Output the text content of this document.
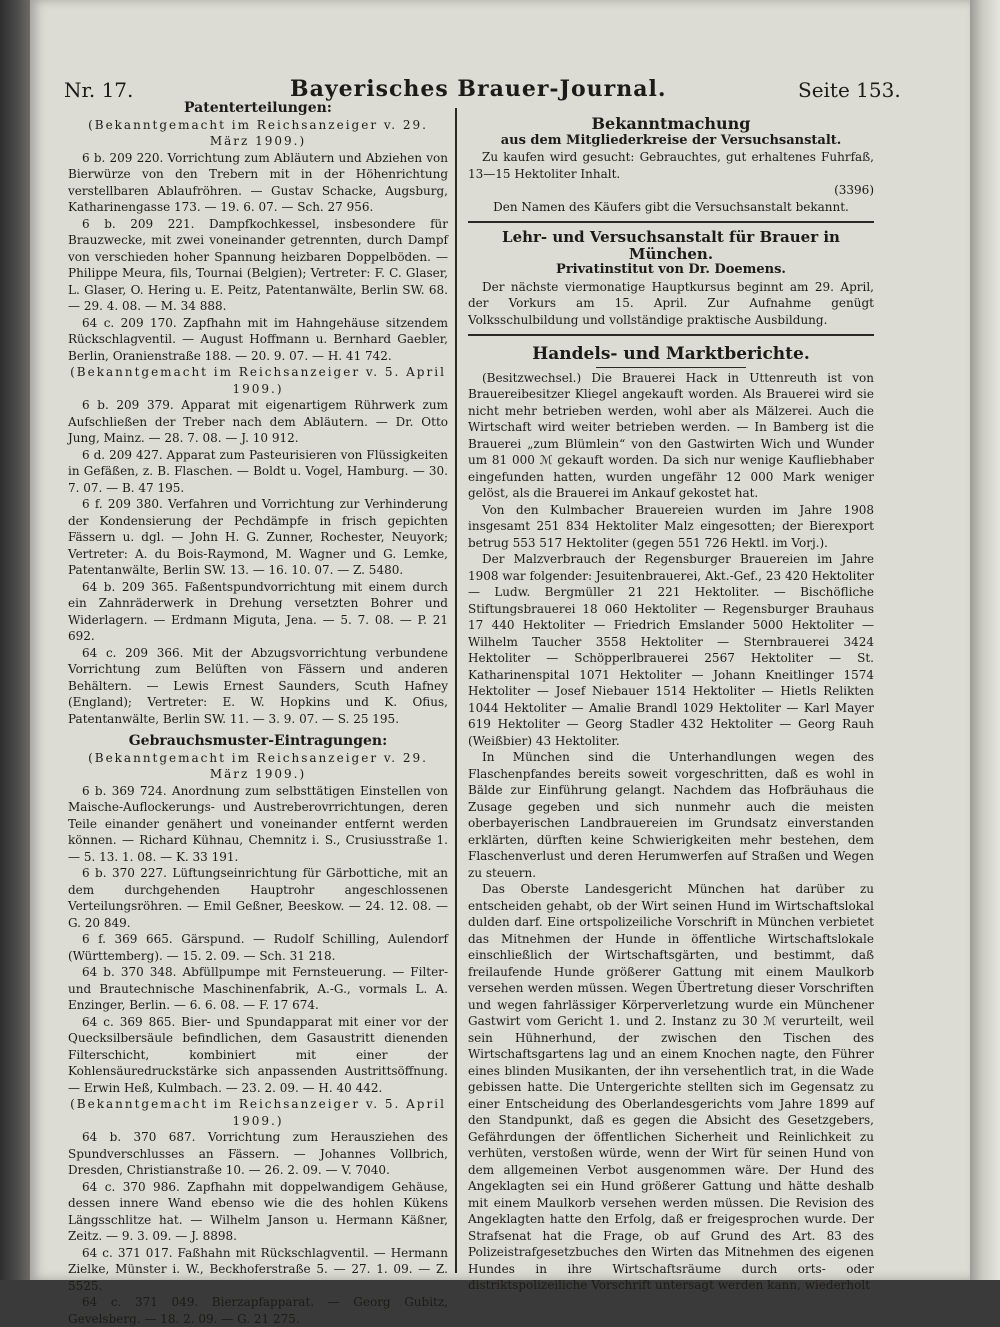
Nr. 17.	Bayerisches Brauer-Journal.	Seite 153.

Patenterteilungen:

(Bekanntgemacht im Reichsanzeiger v. 29. März 1909.)

6 b. 209 220. Vorrichtung zum Abläutern und Abziehen von Bierwürze von den Trebern mit in der Höhenrichtung verstellbaren Ablaufröhren. — Gustav Schacke, Augsburg, Katharinengasse 173. — 19. 6. 07. — Sch. 27 956.

6 b. 209 221. Dampfkochkessel, insbesondere für Brauzwecke, mit zwei voneinander getrennten, durch Dampf von verschieden hoher Spannung heizbaren Doppelböden. — Philippe Meura, fils, Tournai (Belgien); Vertreter: F. C. Glaser, L. Glaser, O. Hering u. E. Peitz, Patentanwälte, Berlin SW. 68. — 29. 4. 08. — M. 34 888.

64 c. 209 170. Zapfhahn mit im Hahngehäuse sitzendem Rückschlagventil. — August Hoffmann u. Bernhard Gaebler, Berlin, Oranienstraße 188. — 20. 9. 07. — H. 41 742.

(Bekanntgemacht im Reichsanzeiger v. 5. April 1909.)

6 b. 209 379. Apparat mit eigenartigem Rührwerk zum Aufschließen der Treber nach dem Abläutern. — Dr. Otto Jung, Mainz. — 28. 7. 08. — J. 10 912.

6 d. 209 427. Apparat zum Pasteurisieren von Flüssigkeiten in Gefäßen, z. B. Flaschen. — Boldt u. Vogel, Hamburg. — 30. 7. 07. — B. 47 195.

6 f. 209 380. Verfahren und Vorrichtung zur Verhinderung der Kondensierung der Pechdämpfe in frisch gepichten Fässern u. dgl. — John H. G. Zunner, Rochester, Neuyork; Vertreter: A. du Bois-Raymond, M. Wagner und G. Lemke, Patentanwälte, Berlin SW. 13. — 16. 10. 07. — Z. 5480.

64 b. 209 365. Faßentspundvorrichtung mit einem durch ein Zahnräderwerk in Drehung versetzten Bohrer und Widerlagern. — Erdmann Miguta, Jena. — 5. 7. 08. — P. 21 692.

64 c. 209 366. Mit der Abzugsvorrichtung verbundene Vorrichtung zum Belüften von Fässern und anderen Behältern. — Lewis Ernest Saunders, Scuth Hafney (England); Vertreter: E. W. Hopkins und K. Ofius, Patentanwälte, Berlin SW. 11. — 3. 9. 07. — S. 25 195.

Gebrauchsmuster-Eintragungen:

(Bekanntgemacht im Reichsanzeiger v. 29. März 1909.)

6 b. 369 724. Anordnung zum selbsttätigen Einstellen von Maische-Auflockerungs- und Austreberovrrichtungen, deren Teile einander genähert und voneinander entfernt werden können. — Richard Kühnau, Chemnitz i. S., Crusiusstraße 1. — 5. 13. 1. 08. — K. 33 191.

6 b. 370 227. Lüftungseinrichtung für Gärbottiche, mit an dem durchgehenden Hauptrohr angeschlossenen Verteilungsröhren. — Emil Geßner, Beeskow. — 24. 12. 08. — G. 20 849.

6 f. 369 665. Gärspund. — Rudolf Schilling, Aulendorf (Württemberg). — 15. 2. 09. — Sch. 31 218.

64 b. 370 348. Abfüllpumpe mit Fernsteuerung. — Filter- und Brautechnische Maschinenfabrik, A.-G., vormals L. A. Enzinger, Berlin. — 6. 6. 08. — F. 17 674.

64 c. 369 865. Bier- und Spundapparat mit einer vor der Quecksilbersäule befindlichen, dem Gasaustritt dienenden Filterschicht, kombiniert mit einer der Kohlensäuredruckstärke sich anpassenden Austrittsöffnung. — Erwin Heß, Kulmbach. — 23. 2. 09. — H. 40 442.

(Bekanntgemacht im Reichsanzeiger v. 5. April 1909.)

64 b. 370 687. Vorrichtung zum Herausziehen des Spundverschlusses an Fässern. — Johannes Vollbrich, Dresden, Christianstraße 10. — 26. 2. 09. — V. 7040.

64 c. 370 986. Zapfhahn mit doppelwandigem Gehäuse, dessen innere Wand ebenso wie die des hohlen Kükens Längsschlitze hat. — Wilhelm Janson u. Hermann Käßner, Zeitz. — 9. 3. 09. — J. 8898.

64 c. 371 017. Faßhahn mit Rückschlagventil. — Hermann Zielke, Münster i. W., Beckhoferstraße 5. — 27. 1. 09. — Z. 5525.

64 c. 371 049. Bierzapfapparat. — Georg Gubitz, Gevelsberg. — 18. 2. 09. — G. 21 275.

Bekanntmachung

aus dem Mitgliederkreise der Versuchsanstalt.

Zu kaufen wird gesucht: Gebrauchtes, gut erhaltenes Fuhrfaß, 13—15 Hektoliter Inhalt.

(3396)

Den Namen des Käufers gibt die Versuchsanstalt bekannt.

Lehr- und Versuchsanstalt für Brauer in München.

Privatinstitut von Dr. Doemens.

Der nächste viermonatige Hauptkursus beginnt am 29. April, der Vorkurs am 15. April. Zur Aufnahme genügt Volksschulbildung und vollständige praktische Ausbildung.

Handels- und Marktberichte.

(Besitzwechsel.) Die Brauerei Hack in Uttenreuth ist von Brauereibesitzer Kliegel angekauft worden. Als Brauerei wird sie nicht mehr betrieben werden, wohl aber als Mälzerei. Auch die Wirtschaft wird weiter betrieben werden. — In Bamberg ist die Brauerei „zum Blümlein“ von den Gastwirten Wich und Wunder um 81 000 ℳ gekauft worden. Da sich nur wenige Kaufliebhaber eingefunden hatten, wurden ungefähr 12 000 Mark weniger gelöst, als die Brauerei im Ankauf gekostet hat.

Von den Kulmbacher Brauereien wurden im Jahre 1908 insgesamt 251 834 Hektoliter Malz eingesotten; der Bierexport betrug 553 517 Hektoliter (gegen 551 726 Hektl. im Vorj.).

Der Malzverbrauch der Regensburger Brauereien im Jahre 1908 war folgender: Jesuitenbrauerei, Akt.-Gef., 23 420 Hektoliter — Ludw. Bergmüller 21 221 Hektoliter. — Bischöfliche Stiftungsbrauerei 18 060 Hektoliter — Regensburger Brauhaus 17 440 Hektoliter — Friedrich Emslander 5000 Hektoliter — Wilhelm Taucher 3558 Hektoliter — Sternbrauerei 3424 Hektoliter — Schöpperlbrauerei 2567 Hektoliter — St. Katharinenspital 1071 Hektoliter — Johann Kneitlinger 1574 Hektoliter — Josef Niebauer 1514 Hektoliter — Hietls Relikten 1044 Hektoliter — Amalie Brandl 1029 Hektoliter — Karl Mayer 619 Hektoliter — Georg Stadler 432 Hektoliter — Georg Rauh (Weißbier) 43 Hektoliter.

In München sind die Unterhandlungen wegen des Flaschenpfandes bereits soweit vorgeschritten, daß es wohl in Bälde zur Einführung gelangt. Nachdem das Hofbräuhaus die Zusage gegeben und sich nunmehr auch die meisten oberbayerischen Landbrauereien im Grundsatz einverstanden erklärten, dürften keine Schwierigkeiten mehr bestehen, dem Flaschenverlust und deren Herumwerfen auf Straßen und Wegen zu steuern.

Das Oberste Landesgericht München hat darüber zu entscheiden gehabt, ob der Wirt seinen Hund im Wirtschaftslokal dulden darf. Eine ortspolizeiliche Vorschrift in München verbietet das Mitnehmen der Hunde in öffentliche Wirtschaftslokale einschließlich der Wirtschaftsgärten, und bestimmt, daß freilaufende Hunde größerer Gattung mit einem Maulkorb versehen werden müssen. Wegen Übertretung dieser Vorschriften und wegen fahrlässiger Körperverletzung wurde ein Münchener Gastwirt vom Gericht 1. und 2. Instanz zu 30 ℳ verurteilt, weil sein Hühnerhund, der zwischen den Tischen des Wirtschaftsgartens lag und an einem Knochen nagte, den Führer eines blinden Musikanten, der ihn versehentlich trat, in die Wade gebissen hatte. Die Untergerichte stellten sich im Gegensatz zu einer Entscheidung des Oberlandesgerichts vom Jahre 1899 auf den Standpunkt, daß es gegen die Absicht des Gesetzgebers, Gefährdungen der öffentlichen Sicherheit und Reinlichkeit zu verhüten, verstoßen würde, wenn der Wirt für seinen Hund von dem allgemeinen Verbot ausgenommen wäre. Der Hund des Angeklagten sei ein Hund größerer Gattung und hätte deshalb mit einem Maulkorb versehen werden müssen. Die Revision des Angeklagten hatte den Erfolg, daß er freigesprochen wurde. Der Strafsenat hat die Frage, ob auf Grund des Art. 83 des Polizeistrafgesetzbuches den Wirten das Mitnehmen des eigenen Hundes in ihre Wirtschaftsräume durch orts- oder distriktspolizeiliche Vorschrift untersagt werden kann, wiederholt
